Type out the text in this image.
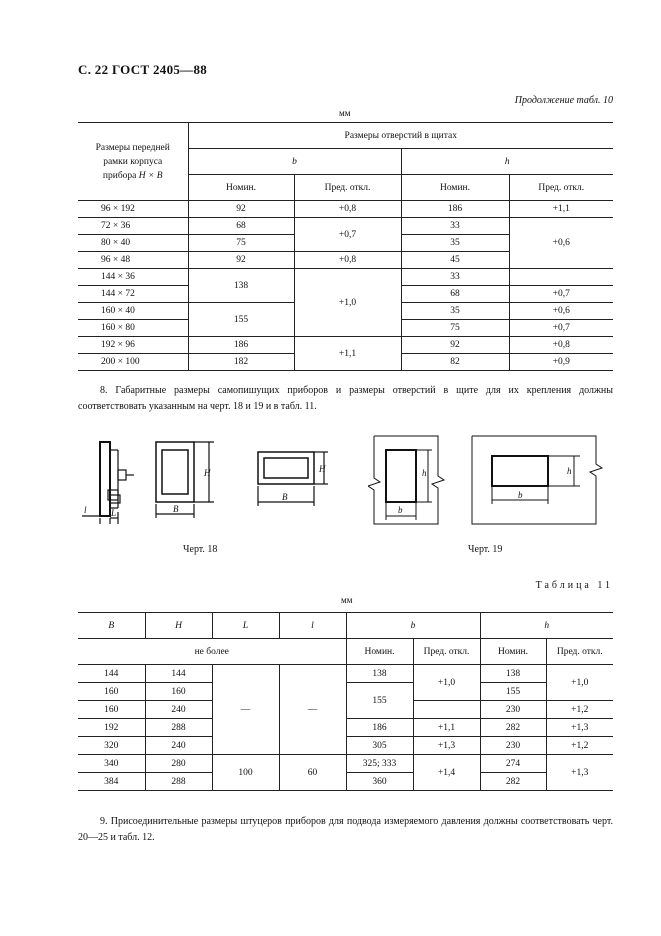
С. 22 ГОСТ 2405—88
Продолжение табл. 10
мм
Размеры передней
рамки корпуса
прибора H × B	Размеры отверстий в щитах			
	b		h	
	Номин.	Пред. откл.	Номин.	Пред. откл.
96 × 192	92	+0,8	186	+1,1
72 × 36	68	+0,7	33	+0,6
80 × 40	75		35	
96 × 48	92	+0,8	45	
144 × 36	138	+1,0	33	
144 × 72			68	+0,7
160 × 40	155		35	+0,6
160 × 80			75	+0,7
192 × 96	186	+1,1	92	+0,8
200 × 100	182		82	+0,9
8. Габаритные размеры самопишущих приборов и размеры отверстий в щите для их крепления должны соответствовать указанным на черт. 18 и 19 и в табл. 11.
H
B
H
B
l	L
h
b
h
b
Черт. 18	Черт. 19
Таблица 11
мм
B	H	L	l	b		h	
не более				Номин.	Пред. откл.	Номин.	Пред. откл.
144	144	—	—	138	+1,0	138	+1,0
160	160			155		155	
160	240					230	+1,2
192	288			186	+1,1	282	+1,3
320	240			305	+1,3	230	+1,2
340	280	100	60	325; 333	+1,4	274	+1,3
384	288			360		282	
9. Присоединительные размеры штуцеров приборов для подвода измеряемого давления должны соответствовать черт. 20—25 и табл. 12.
